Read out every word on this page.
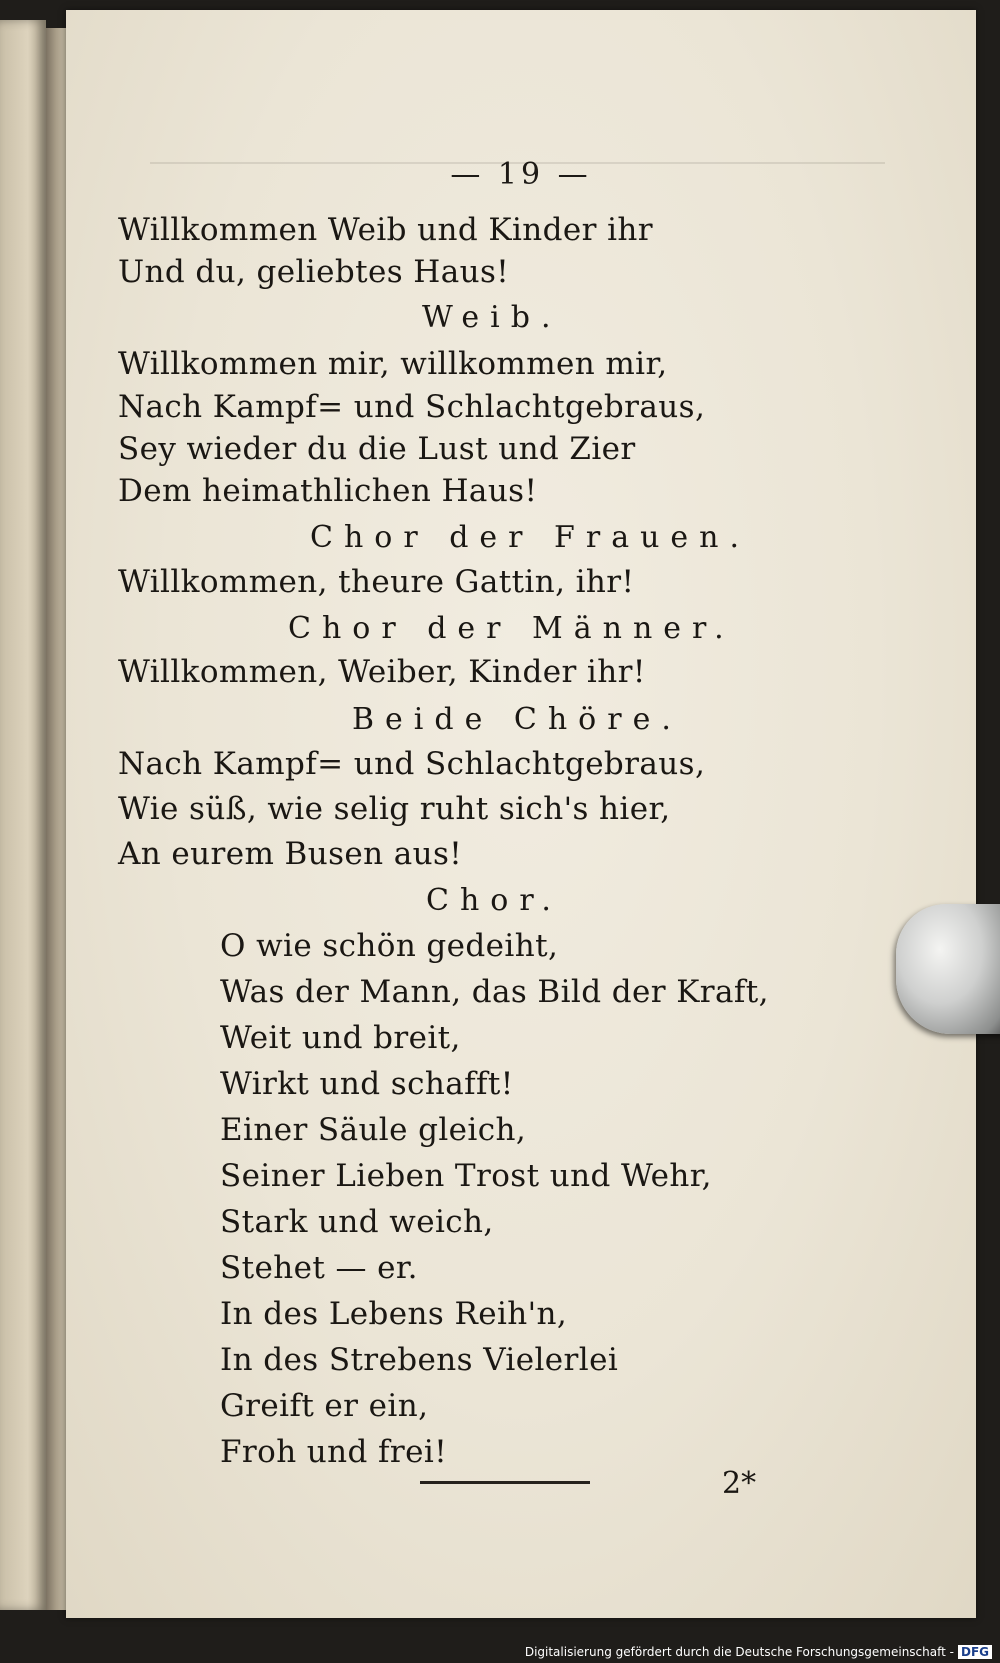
— 19 —
Willkommen Weib und Kinder ihr
Und du, geliebtes Haus!
Weib.
Willkommen mir, willkommen mir,
Nach Kampf= und Schlachtgebraus,
Sey wieder du die Lust und Zier
Dem heimathlichen Haus!
Chor der Frauen.
Willkommen, theure Gattin, ihr!
Chor der Männer.
Willkommen, Weiber, Kinder ihr!
Beide Chöre.
Nach Kampf= und Schlachtgebraus,
Wie süß, wie selig ruht sich's hier,
An eurem Busen aus!
Chor.
O wie schön gedeiht,
Was der Mann, das Bild der Kraft,
Weit und breit,
Wirkt und schafft!
Einer Säule gleich,
Seiner Lieben Trost und Wehr,
Stark und weich,
Stehet — er.
In des Lebens Reih'n,
In des Strebens Vielerlei
Greift er ein,
Froh und frei!
2*
Digitalisierung gefördert durch die Deutsche Forschungsgemeinschaft - DFG
